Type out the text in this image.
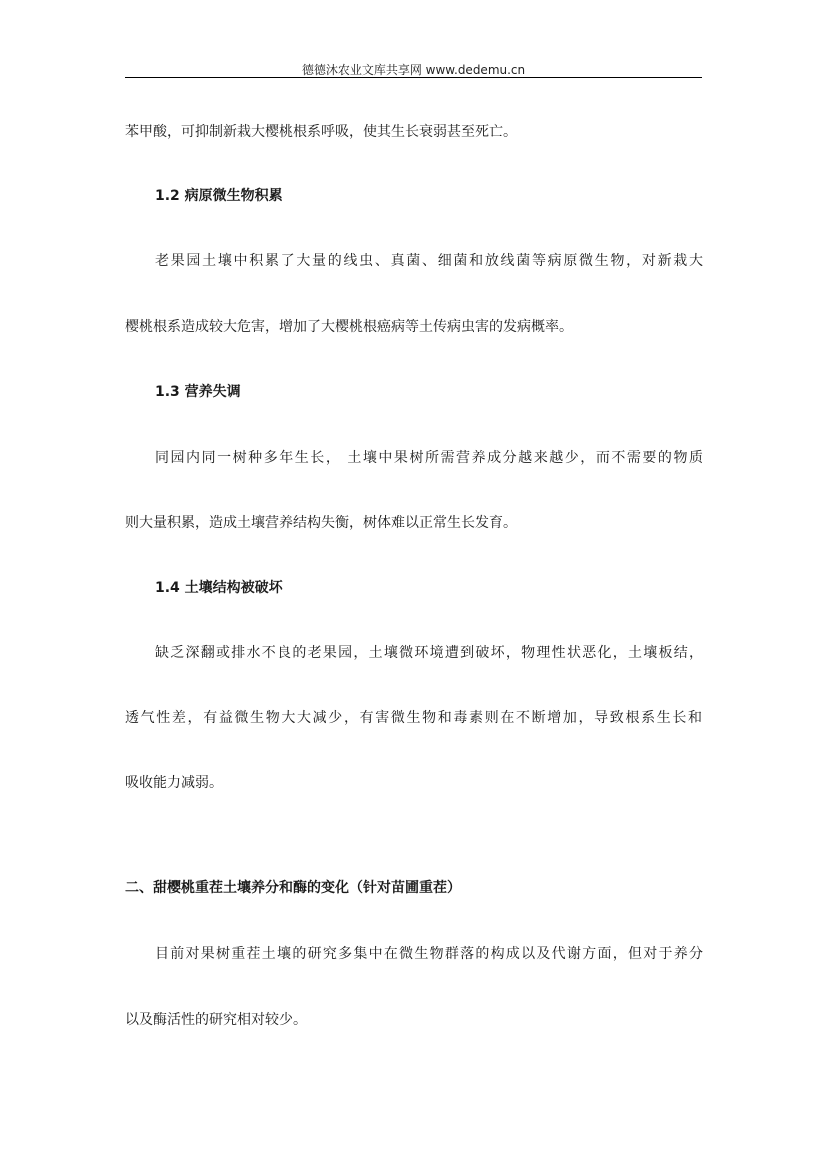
德德沐农业文库共享网 www.dedemu.cn
苯甲酸，可抑制新栽大樱桃根系呼吸，使其生长衰弱甚至死亡。
1.2 病原微生物积累
老果园土壤中积累了大量的线虫、真菌、细菌和放线菌等病原微生物，对新栽大
樱桃根系造成较大危害，增加了大樱桃根癌病等土传病虫害的发病概率。
1.3 营养失调
同园内同一树种多年生长， 土壤中果树所需营养成分越来越少，而不需要的物质
则大量积累，造成土壤营养结构失衡，树体难以正常生长发育。
1.4 土壤结构被破坏
缺乏深翻或排水不良的老果园，土壤微环境遭到破坏，物理性状恶化，土壤板结，
透气性差，有益微生物大大减少，有害微生物和毒素则在不断增加，导致根系生长和
吸收能力减弱。
二、甜樱桃重茬土壤养分和酶的变化（针对苗圃重茬）
目前对果树重茬土壤的研究多集中在微生物群落的构成以及代谢方面，但对于养分
以及酶活性的研究相对较少。
